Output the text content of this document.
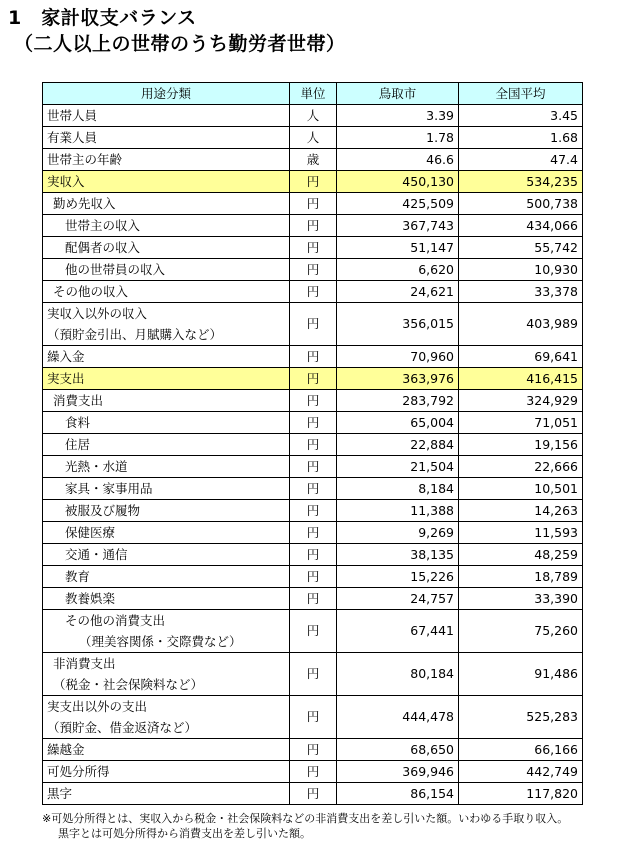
1　家計収支バランス
（二人以上の世帯のうち勤労者世帯）
用途分類	単位	鳥取市	全国平均
世帯人員	人	3.39	3.45
有業人員	人	1.78	1.68
世帯主の年齢	歳	46.6	47.4
実収入	円	450,130	534,235
勤め先収入	円	425,509	500,738
世帯主の収入	円	367,743	434,066
配偶者の収入	円	51,147	55,742
他の世帯員の収入	円	6,620	10,930
その他の収入	円	24,621	33,378

実収入以外の収入
（預貯金引出、月賦購入など）	円	356,015	403,989
繰入金	円	70,960	69,641
実支出	円	363,976	416,415
消費支出	円	283,792	324,929
食料	円	65,004	71,051
住居	円	22,884	19,156
光熱・水道	円	21,504	22,666
家具・家事用品	円	8,184	10,501
被服及び履物	円	11,388	14,263
保健医療	円	9,269	11,593
交通・通信	円	38,135	48,259
教育	円	15,226	18,789
教養娯楽	円	24,757	33,390

その他の消費支出
（理美容関係・交際費など）	円	67,441	75,260

非消費支出
（税金・社会保険料など）	円	80,184	91,486

実支出以外の支出
（預貯金、借金返済など）	円	444,478	525,283
繰越金	円	68,650	66,166
可処分所得	円	369,946	442,749
黒字	円	86,154	117,820
※可処分所得とは、実収入から税金・社会保険料などの非消費支出を差し引いた額。いわゆる手取り収入。
黒字とは可処分所得から消費支出を差し引いた額。
